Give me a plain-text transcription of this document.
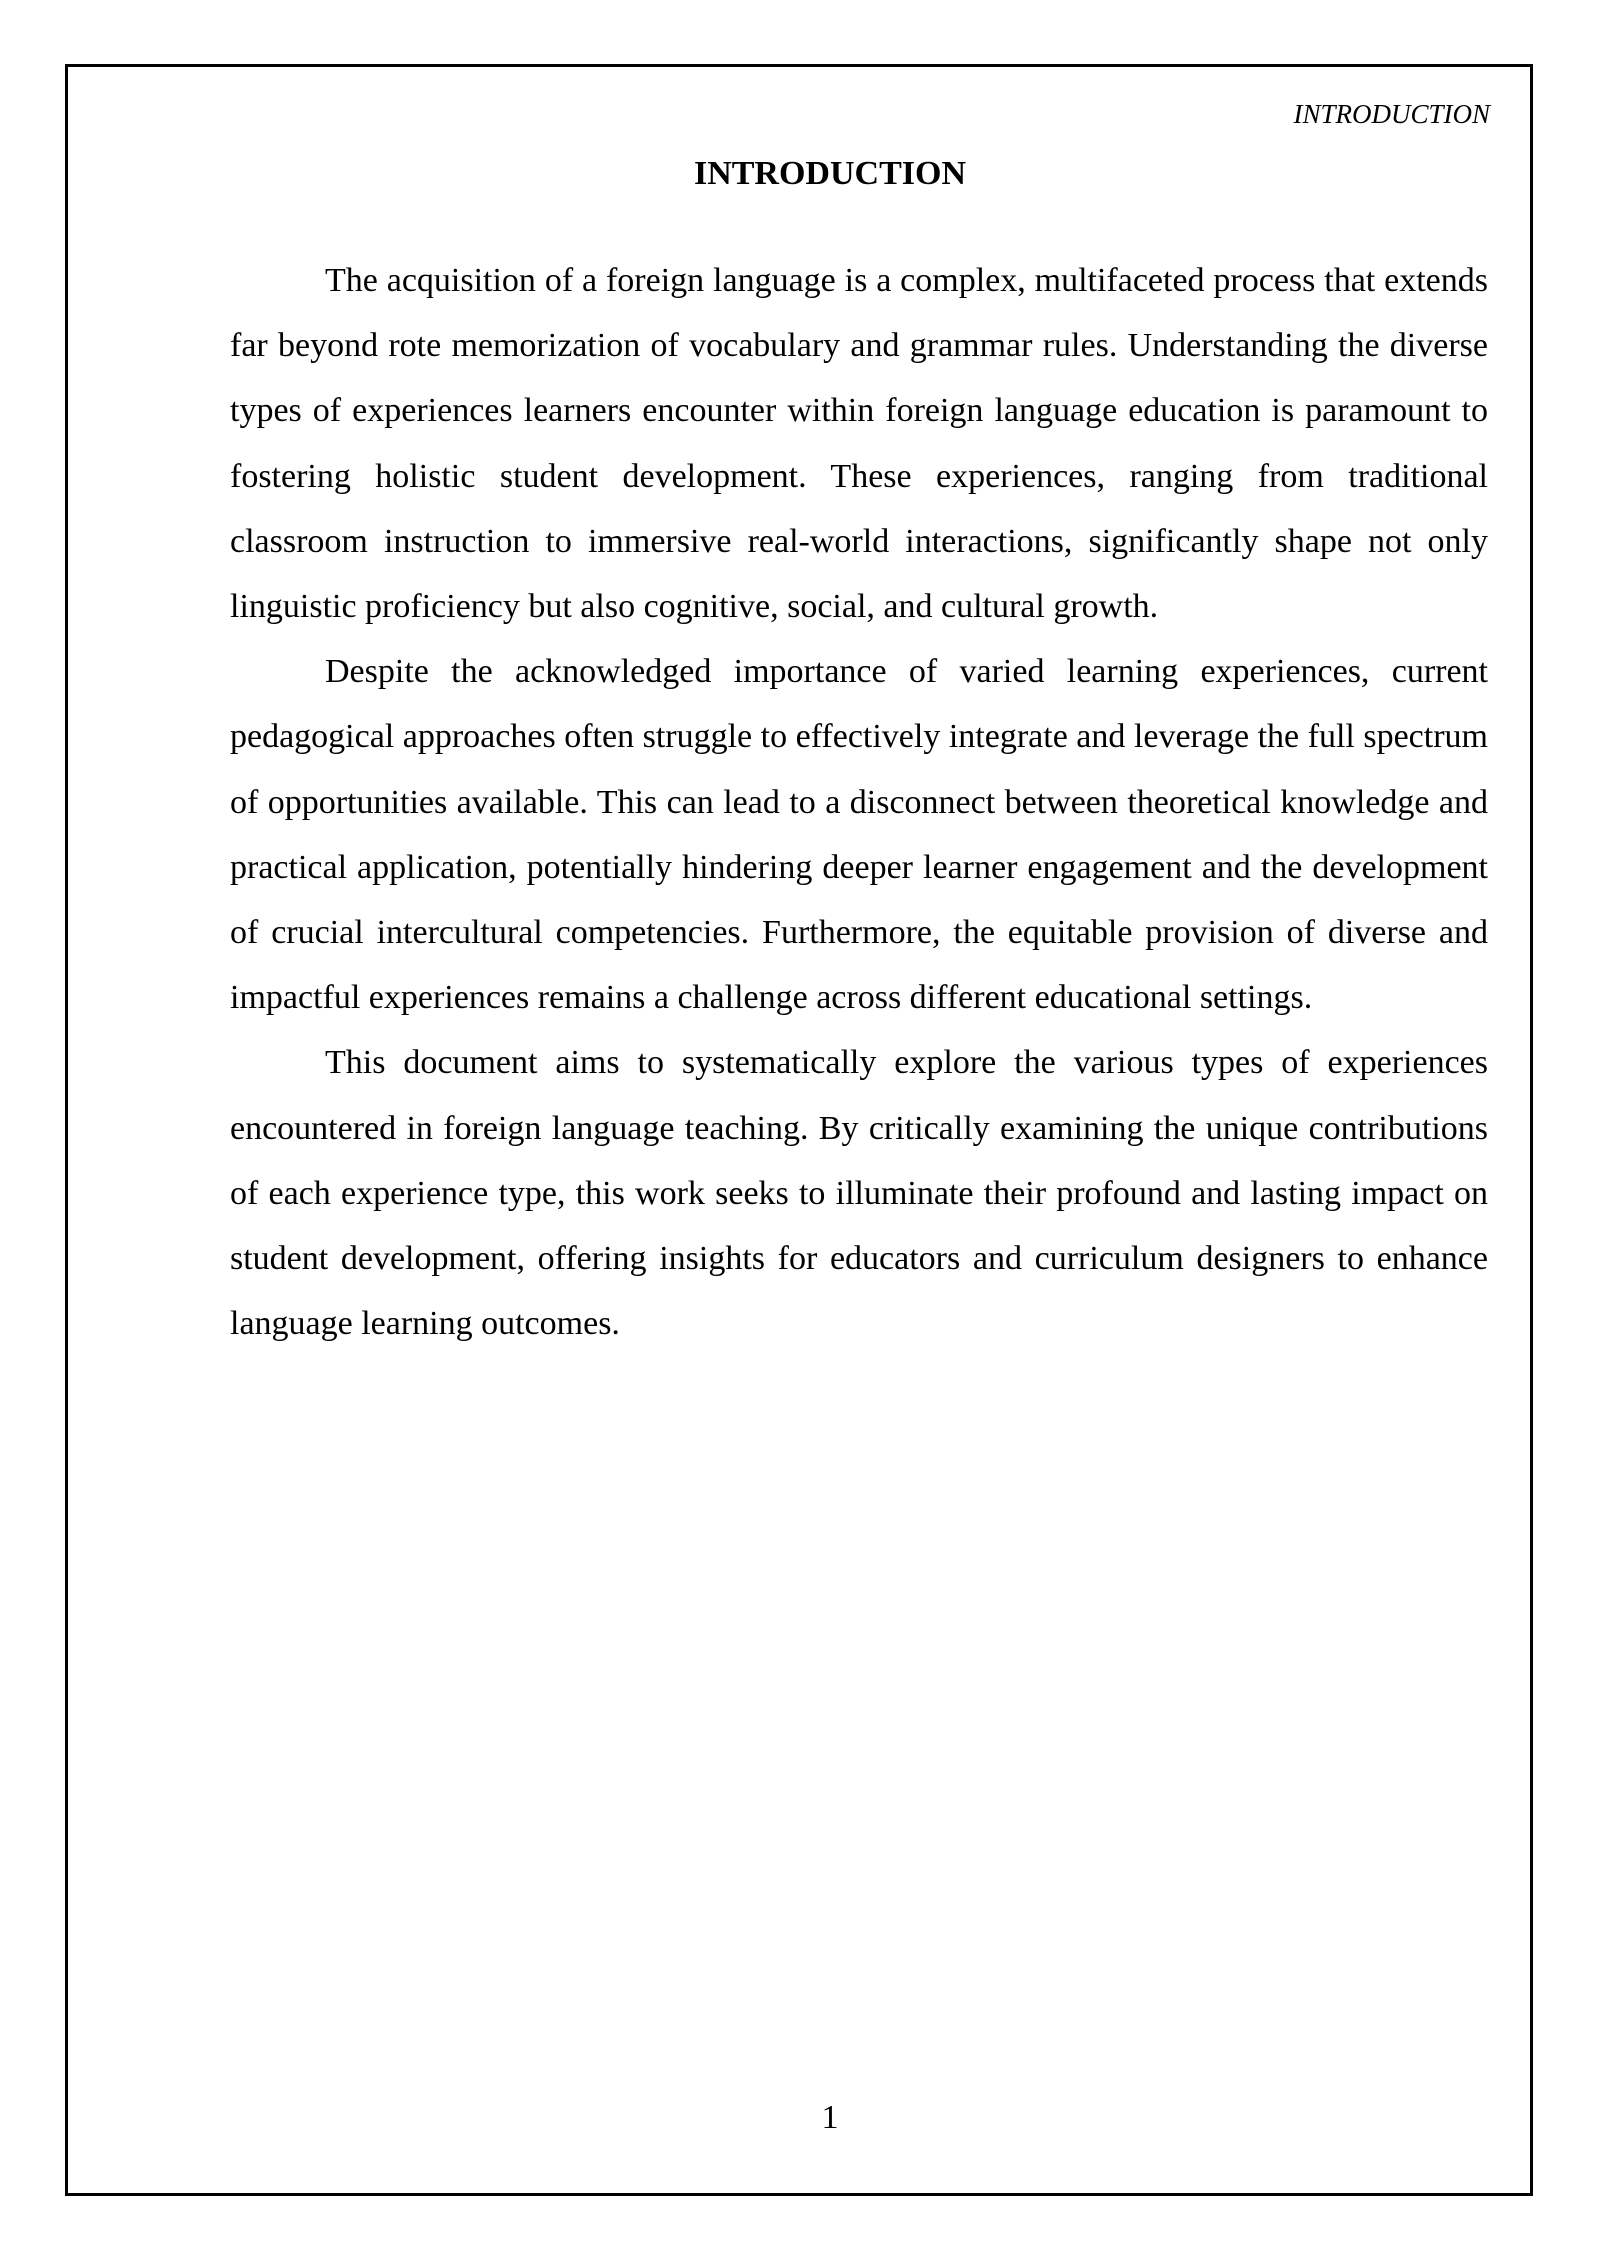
INTRODUCTION

INTRODUCTION

The acquisition of a foreign language is a complex, multifaceted process that extends far beyond rote memorization of vocabulary and grammar rules. Understanding the diverse types of experiences learners encounter within foreign language education is paramount to fostering holistic student development. These experiences, ranging from traditional classroom instruction to immersive real-world interactions, significantly shape not only linguistic proficiency but also cognitive, social, and cultural growth.

Despite the acknowledged importance of varied learning experiences, current pedagogical approaches often struggle to effectively integrate and leverage the full spectrum of opportunities available. This can lead to a disconnect between theoretical knowledge and practical application, potentially hindering deeper learner engagement and the development of crucial intercultural competencies. Furthermore, the equitable provision of diverse and impactful experiences remains a challenge across different educational settings.

This document aims to systematically explore the various types of experiences encountered in foreign language teaching. By critically examining the unique contributions of each experience type, this work seeks to illuminate their profound and lasting impact on student development, offering insights for educators and curriculum designers to enhance language learning outcomes.

1
